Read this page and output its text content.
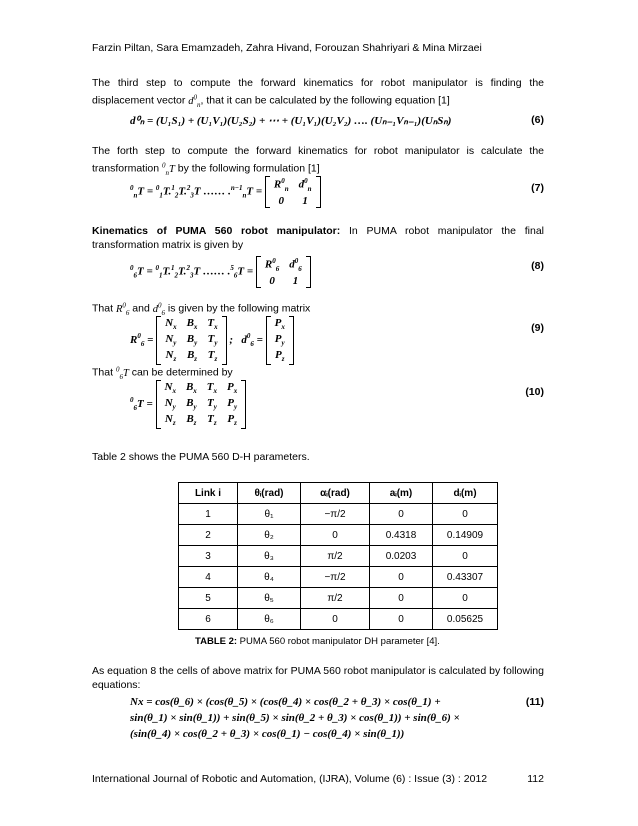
Farzin Piltan, Sara Emamzadeh, Zahra Hivand, Forouzan Shahriyari & Mina Mirzaei
The third step to compute the forward kinematics for robot manipulator is finding the displacement vector $d^0_n$, that it can be calculated by the following equation [1]
d⁰ₙ = (U₁S₁) + (U₁V₁)(U₂S₂) + ⋯ + (U₁V₁)(U₂V₂) …. (Uₙ₋₁Vₙ₋₁)(UₙSₙ)	(6)
The forth step to compute the forward kinematics for robot manipulator is calculate the transformation $^0_n$T by the following formulation [1]
$^0_n$T = $^0_1$T.$^1_2$T.$^2_3$T …… .$^{n-1}_n$T =
$R^0_n$	$d^0_n$
0	1
(7)
Kinematics of PUMA 560 robot manipulator: In PUMA robot manipulator the final transformation matrix is given by
$^0_6$T = $^0_1$T.$^1_2$T.$^2_3$T …… .$^5_6$T =
$R^0_6$	$d^0_6$
0	1
(8)
That $R^0_6$ and $d^0_6$ is given by the following matrix
$R^0_6$ =
$N_x$	$B_x$	$T_x$
$N_y$	$B_y$	$T_y$
$N_z$	$B_z$	$T_z$
;   $d^0_6$ =
$P_x$
$P_y$
$P_z$
(9)
That $^0_6$T can be determined by
$^0_6$T =
$N_x$	$B_x$	$T_x$	$P_x$
$N_y$	$B_y$	$T_y$	$P_y$
$N_z$	$B_z$	$T_z$	$P_z$
(10)
Table 2 shows the PUMA 560 D-H parameters.
Link i	θᵢ(rad)	αᵢ(rad)	aᵢ(m)	dᵢ(m)
1	θ₁	−π/2	0	0
2	θ₂	0	0.4318	0.14909
3	θ₃	π/2	0.0203	0
4	θ₄	−π/2	0	0.43307
5	θ₅	π/2	0	0
6	θ₆	0	0	0.05625
TABLE 2: PUMA 560 robot manipulator DH parameter [4].
As equation 8 the cells of above matrix for PUMA 560 robot manipulator is calculated by following equations:
Nx = cos(θ_6) × (cos(θ_5) × (cos(θ_4) × cos(θ_2 + θ_3) × cos(θ_1) +	(11)
sin(θ_1) × sin(θ_1)) + sin(θ_5) × sin(θ_2 + θ_3) × cos(θ_1)) + sin(θ_6) ×
(sin(θ_4) × cos(θ_2 + θ_3) × cos(θ_1) − cos(θ_4) × sin(θ_1))
International Journal of Robotic and Automation, (IJRA), Volume (6) : Issue (3) : 2012	112
